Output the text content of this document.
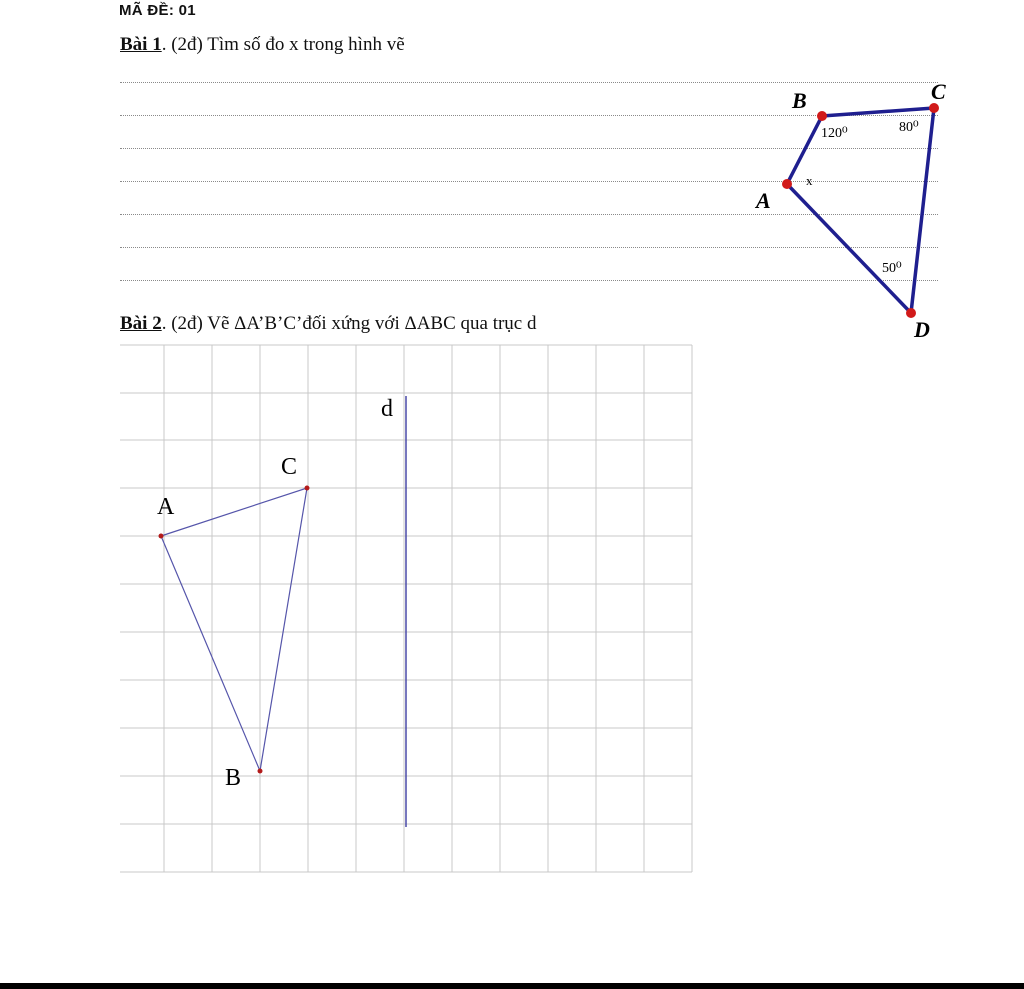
MÃ ĐỀ: 01
Bài 1. (2đ) Tìm số đo x trong hình vẽ
B	C
A
D
120⁰	80⁰
50⁰
x
Bài 2. (2đ) Vẽ ΔA’B’C’đối xứng với ΔABC qua trục d
d
A
C
B
